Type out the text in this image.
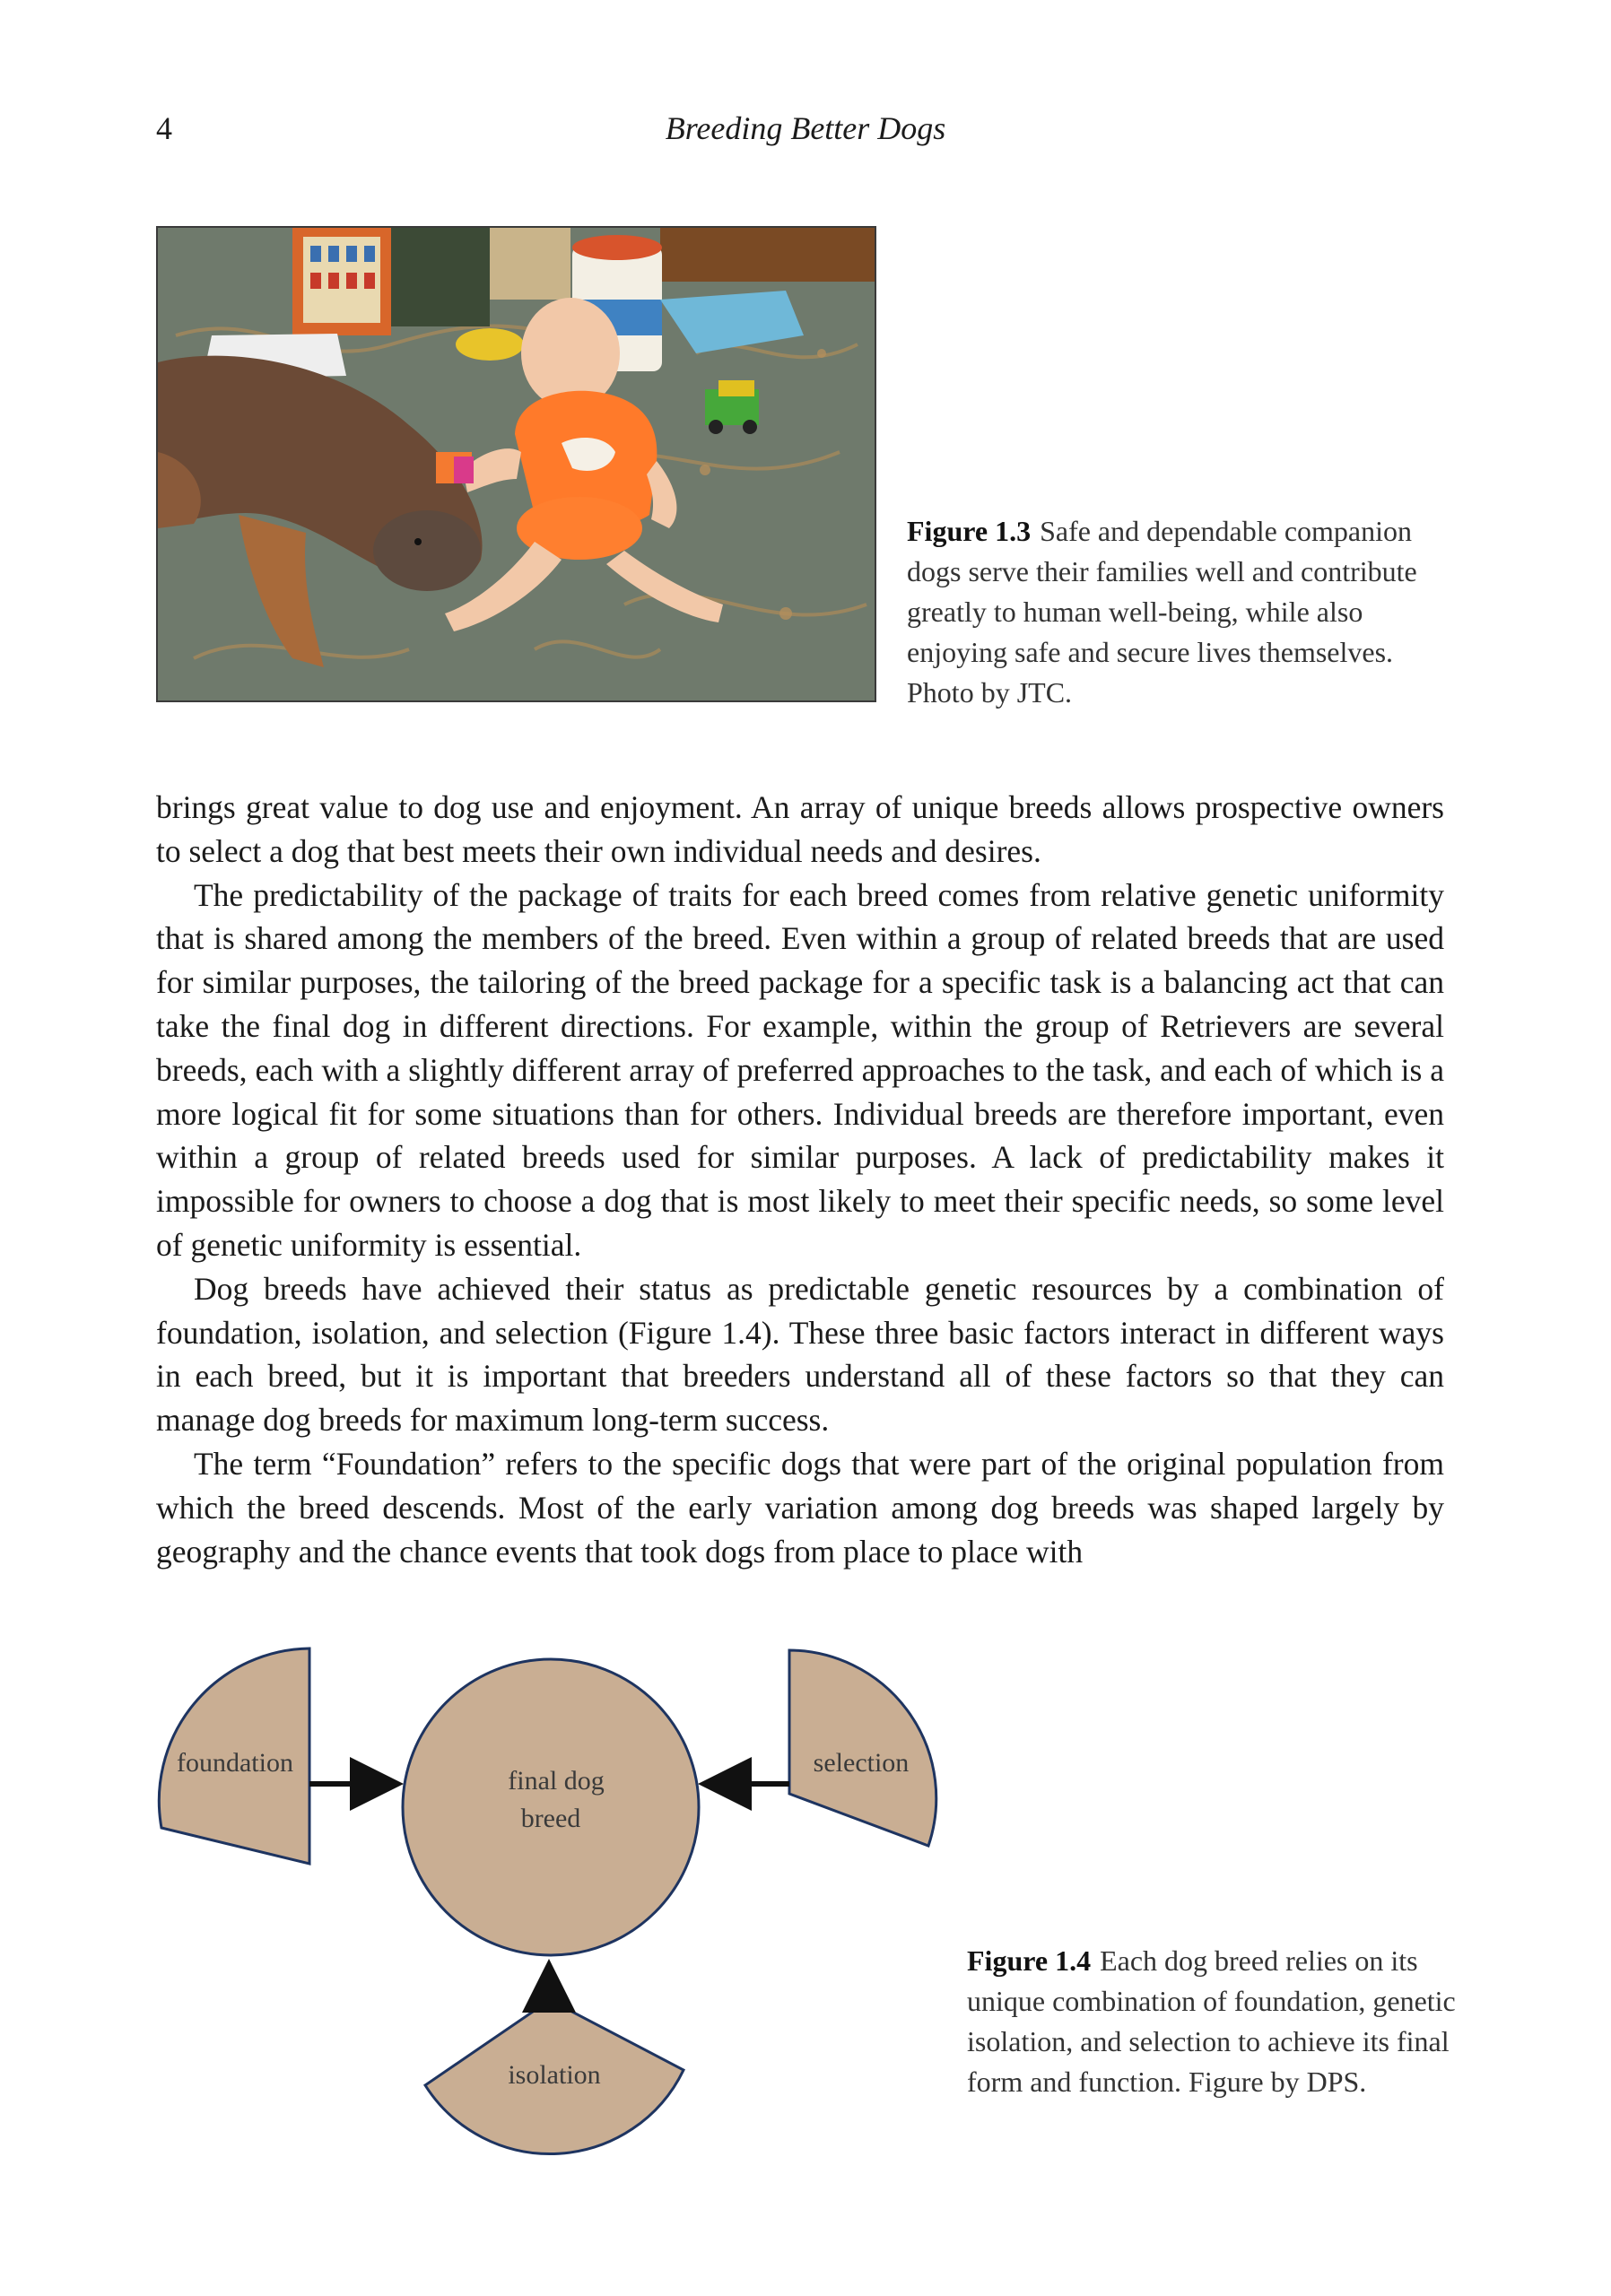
4	Breeding Better Dogs
Figure 1.3 Safe and dependable companion dogs serve their families well and contribute greatly to human well-being, while also enjoying safe and secure lives themselves. Photo by JTC.

brings great value to dog use and enjoyment. An array of unique breeds allows prospective owners to select a dog that best meets their own individual needs and desires.

The predictability of the package of traits for each breed comes from relative genetic uniformity that is shared among the members of the breed. Even within a group of related breeds that are used for similar purposes, the tailoring of the breed package for a specific task is a balancing act that can take the final dog in different directions. For example, within the group of Retrievers are several breeds, each with a slightly different array of preferred approaches to the task, and each of which is a more logical fit for some situations than for others. Individual breeds are therefore important, even within a group of related breeds used for similar purposes. A lack of predictability makes it impossible for owners to choose a dog that is most likely to meet their specific needs, so some level of genetic uniformity is essential.

Dog breeds have achieved their status as predictable genetic resources by a combination of foundation, isolation, and selection (Figure 1.4). These three basic factors interact in different ways in each breed, but it is important that breeders understand all of these factors so that they can manage dog breeds for maximum long-term success.

The term “Foundation” refers to the specific dogs that were part of the original population from which the breed descends. Most of the early variation among dog breeds was shaped largely by geography and the chance events that took dogs from place to place with

final dog
breed
foundation	selection
isolation
Figure 1.4 Each dog breed relies on its unique combination of foundation, genetic isolation, and selection to achieve its final form and function. Figure by DPS.
